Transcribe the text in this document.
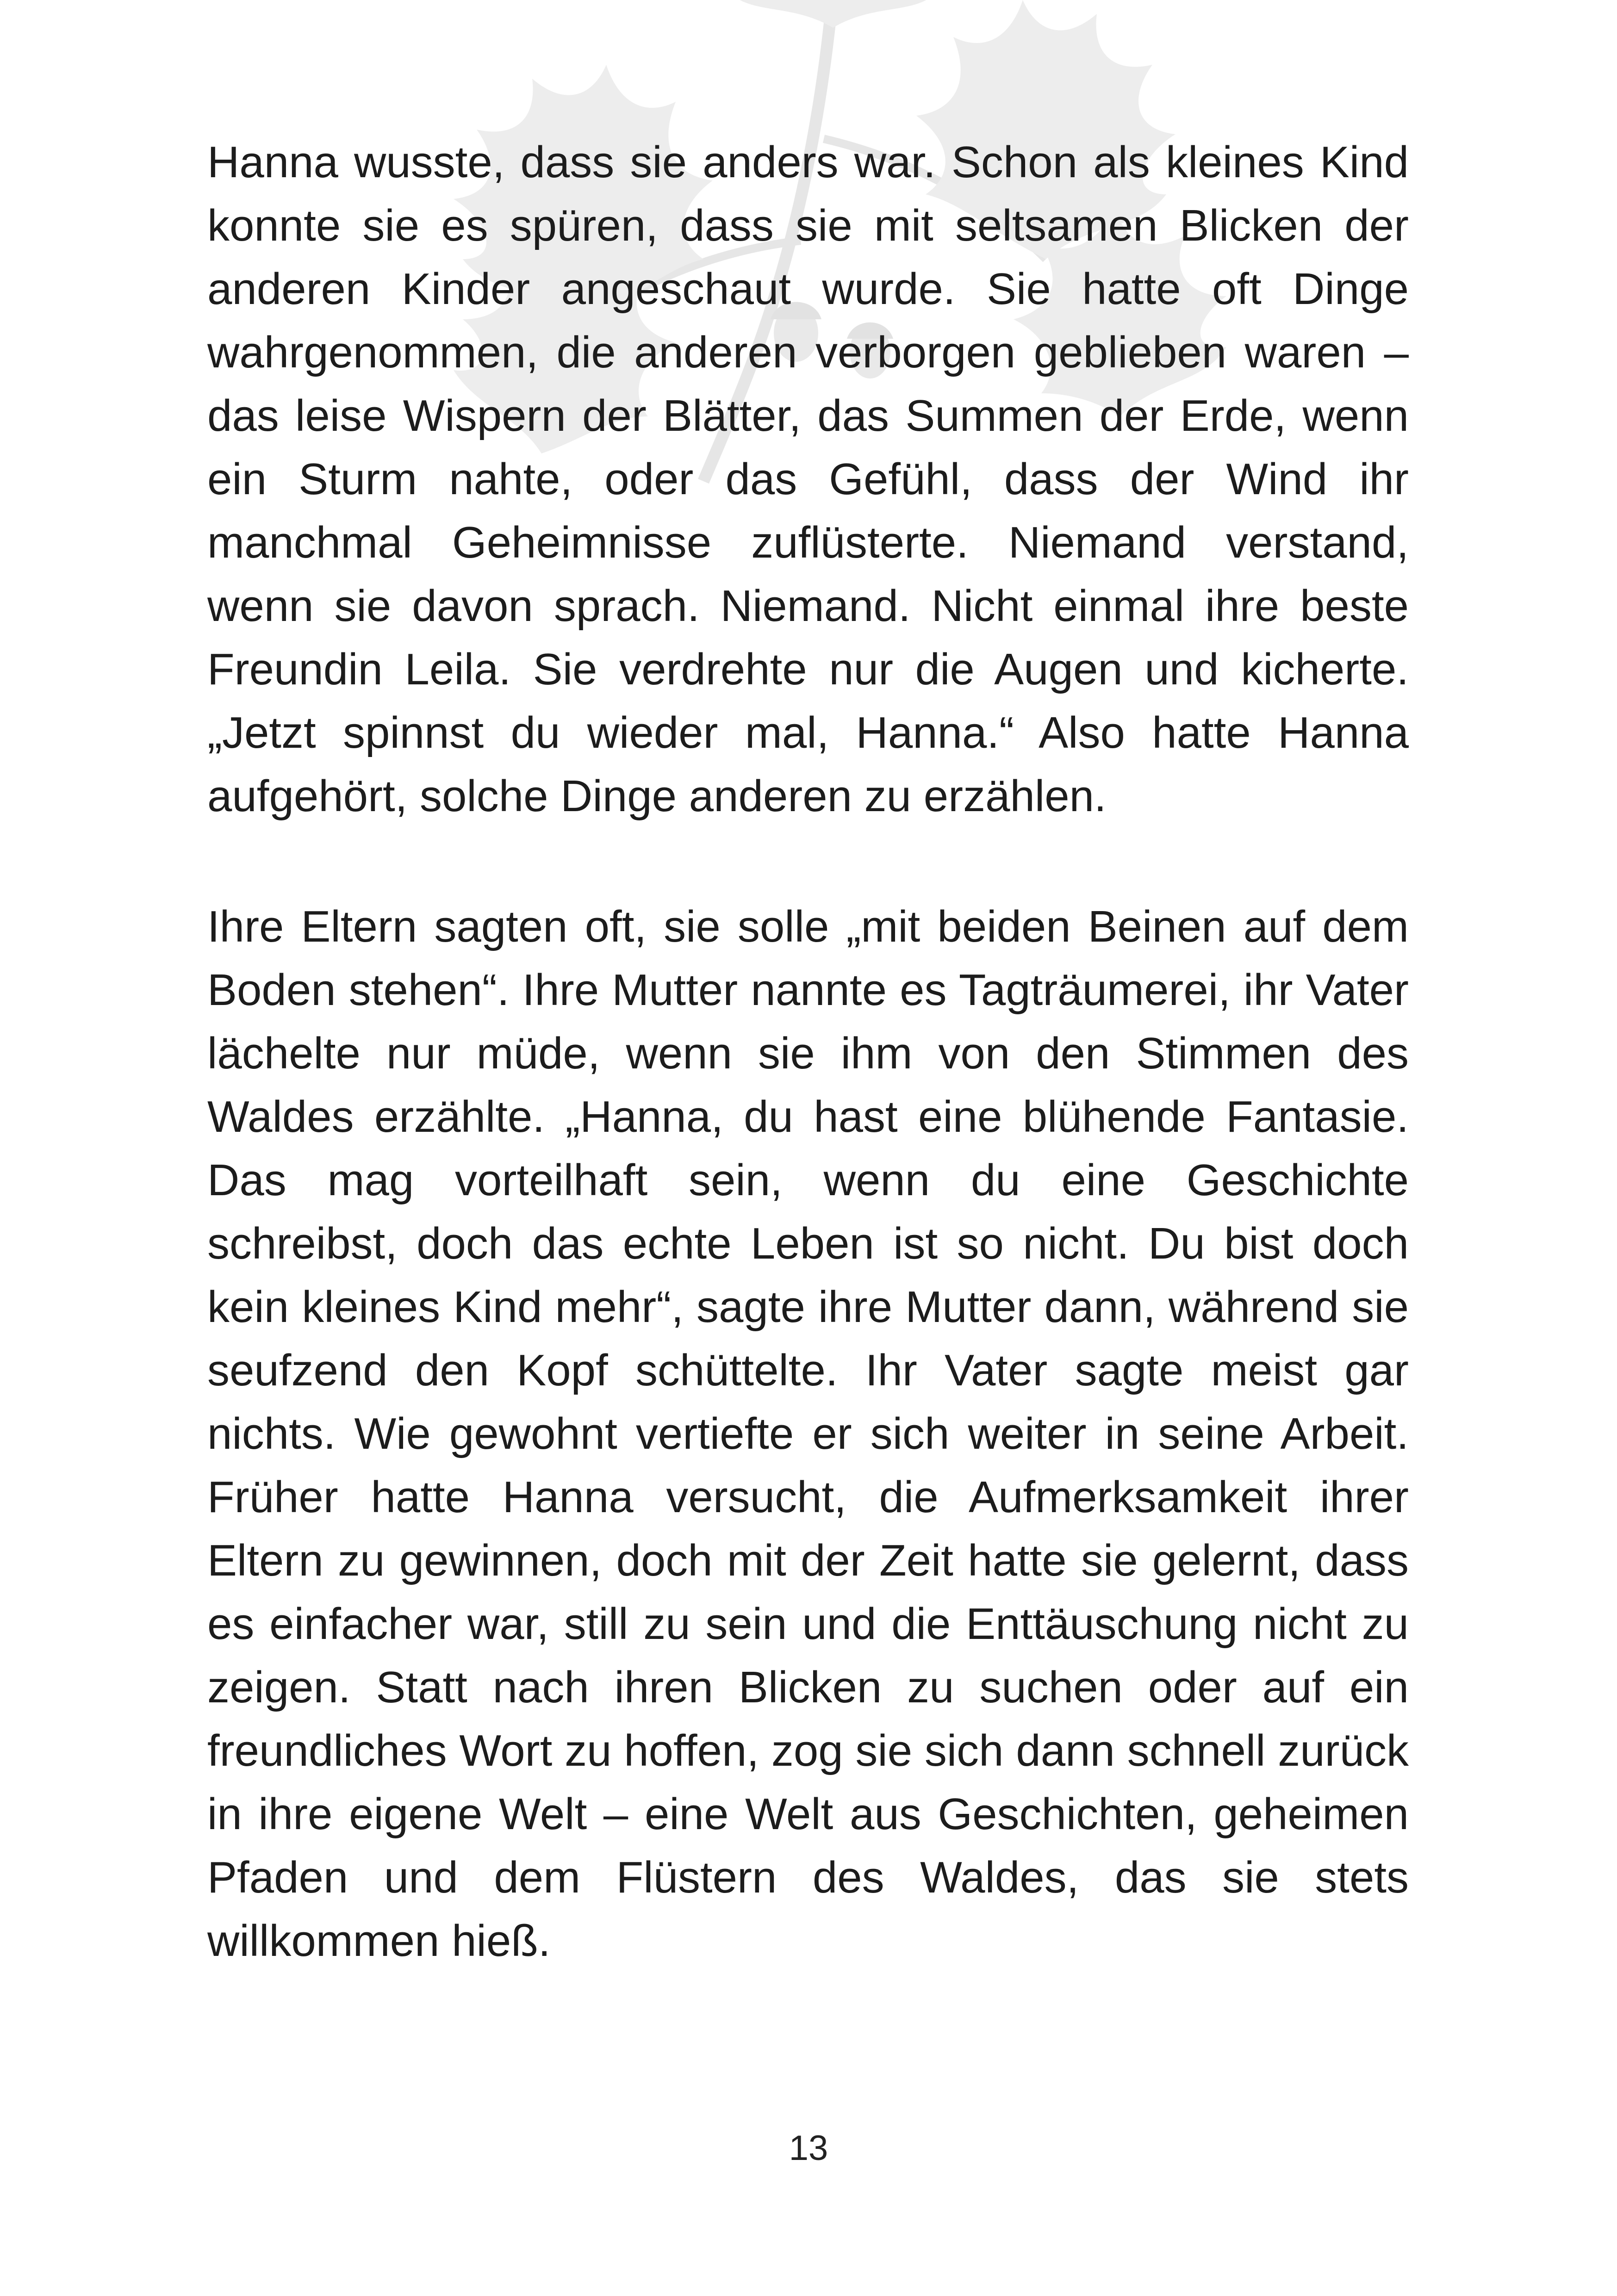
Hanna wusste, dass sie anders war. Schon als kleines Kind konnte sie es spüren, dass sie mit seltsamen Blicken der anderen Kinder angeschaut wurde. Sie hatte oft Dinge wahrgenommen, die anderen verborgen geblieben waren – das leise Wispern der Blätter, das Summen der Erde, wenn ein Sturm nahte, oder das Gefühl, dass der Wind ihr manchmal Geheimnisse zuflüsterte. Niemand verstand, wenn sie davon sprach. Niemand. Nicht einmal ihre beste Freundin Leila. Sie verdrehte nur die Augen und kicherte. „Jetzt spinnst du wieder mal, Hanna.“ Also hatte Hanna aufgehört, solche Dinge anderen zu erzählen.

Ihre Eltern sagten oft, sie solle „mit beiden Beinen auf dem Boden stehen“. Ihre Mutter nannte es Tagträumerei, ihr Vater lächelte nur müde, wenn sie ihm von den Stimmen des Waldes erzählte. „Hanna, du hast eine blühende Fantasie. Das mag vorteilhaft sein, wenn du eine Geschichte schreibst, doch das echte Leben ist so nicht. Du bist doch kein kleines Kind mehr“, sagte ihre Mutter dann, während sie seufzend den Kopf schüttelte. Ihr Vater sagte meist gar nichts. Wie gewohnt vertiefte er sich weiter in seine Arbeit. Früher hatte Hanna versucht, die Aufmerksamkeit ihrer Eltern zu gewinnen, doch mit der Zeit hatte sie gelernt, dass es einfacher war, still zu sein und die Enttäuschung nicht zu zeigen. Statt nach ihren Blicken zu suchen oder auf ein freundliches Wort zu hoffen, zog sie sich dann schnell zurück in ihre eigene Welt – eine Welt aus Geschichten, geheimen Pfaden und dem Flüstern des Waldes, das sie stets willkommen hieß.

13
